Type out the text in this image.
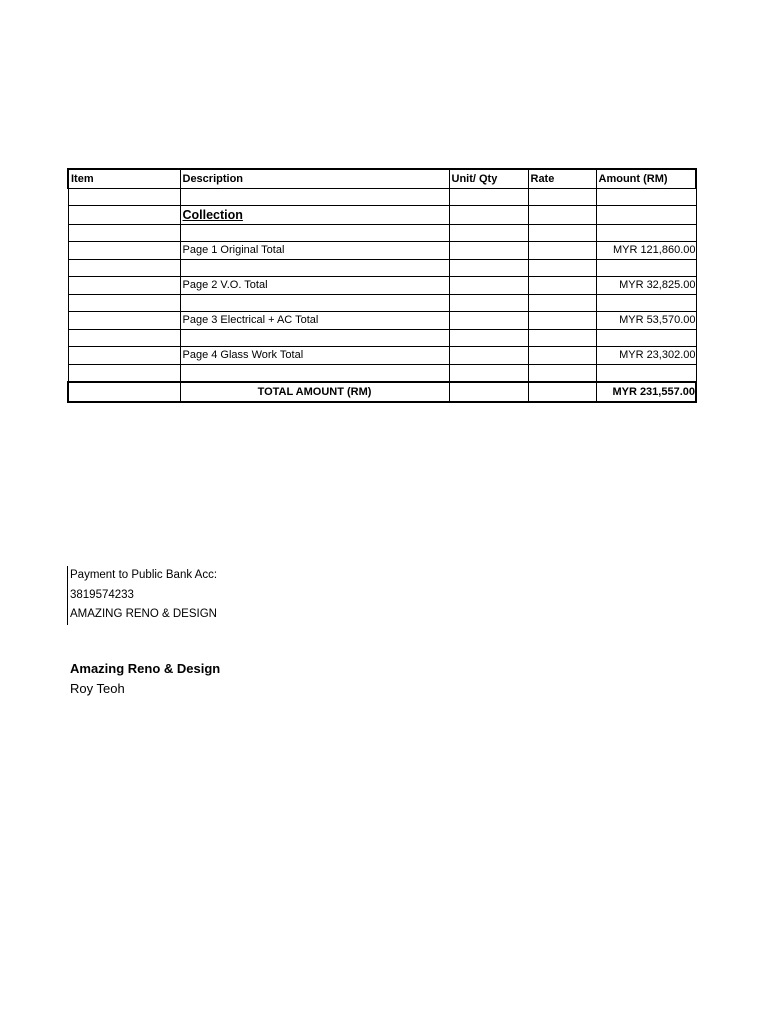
Item	Description	Unit/ Qty	Rate	Amount (RM)

	Collection			

	Page 1 Original Total			MYR 121,860.00

	Page 2 V.O. Total			MYR 32,825.00

	Page 3 Electrical + AC Total			MYR 53,570.00

	Page 4 Glass Work Total			MYR 23,302.00

	TOTAL AMOUNT (RM)			MYR 231,557.00
Payment to Public Bank Acc:
3819574233
AMAZING RENO & DESIGN
Amazing Reno & Design
Roy Teoh
